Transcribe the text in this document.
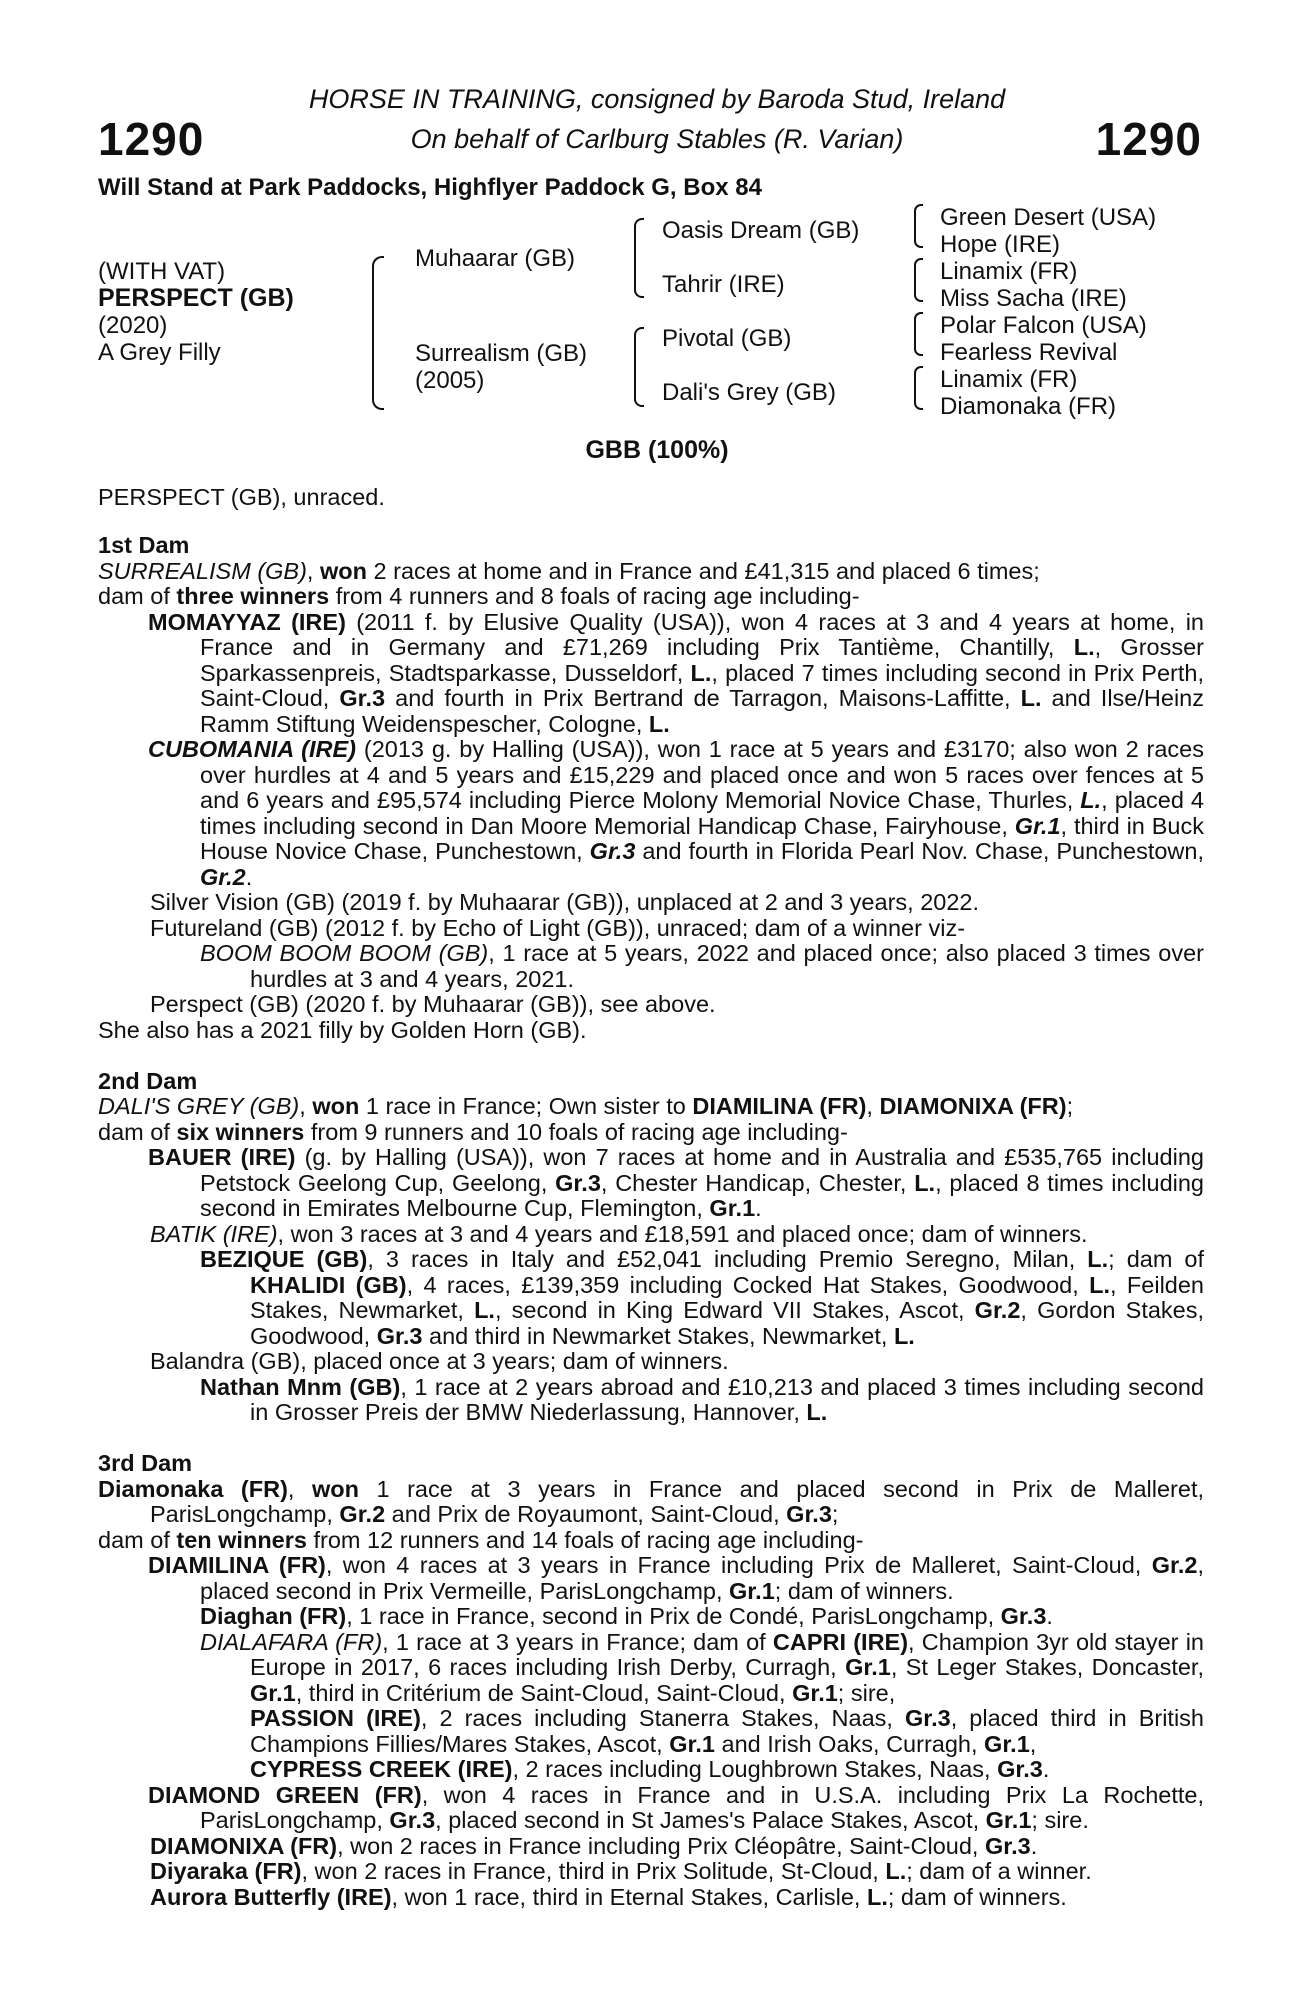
HORSE IN TRAINING, consigned by Baroda Stud, Ireland
On behalf of Carlburg Stables (R. Varian)
1290	1290
Will Stand at Park Paddocks, Highflyer Paddock G, Box 84
(WITH VAT)
PERSPECT (GB)
(2020)
A Grey Filly
Muhaarar (GB)
Surrealism (GB)
(2005)
Oasis Dream (GB)
Tahrir (IRE)
Pivotal (GB)
Dali's Grey (GB)
Green Desert (USA)
Hope (IRE)
Linamix (FR)
Miss Sacha (IRE)
Polar Falcon (USA)
Fearless Revival
Linamix (FR)
Diamonaka (FR)
GBB (100%)
PERSPECT (GB), unraced.
1st Dam
SURREALISM (GB), won 2 races at home and in France and £41,315 and placed 6 times;
dam of three winners from 4 runners and 8 foals of racing age including-
MOMAYYAZ (IRE) (2011 f. by Elusive Quality (USA)), won 4 races at 3 and 4 years at home, in France and in Germany and £71,269 including Prix Tantième, Chantilly, L., Grosser Sparkassenpreis, Stadtsparkasse, Dusseldorf, L., placed 7 times including second in Prix Perth, Saint-Cloud, Gr.3 and fourth in Prix Bertrand de Tarragon, Maisons-Laffitte, L. and Ilse/Heinz Ramm Stiftung Weidenspescher, Cologne, L.
CUBOMANIA (IRE) (2013 g. by Halling (USA)), won 1 race at 5 years and £3170; also won 2 races over hurdles at 4 and 5 years and £15,229 and placed once and won 5 races over fences at 5 and 6 years and £95,574 including Pierce Molony Memorial Novice Chase, Thurles, L., placed 4 times including second in Dan Moore Memorial Handicap Chase, Fairyhouse, Gr.1, third in Buck House Novice Chase, Punchestown, Gr.3 and fourth in Florida Pearl Nov. Chase, Punchestown, Gr.2.
Silver Vision (GB) (2019 f. by Muhaarar (GB)), unplaced at 2 and 3 years, 2022.
Futureland (GB) (2012 f. by Echo of Light (GB)), unraced; dam of a winner viz-
BOOM BOOM BOOM (GB), 1 race at 5 years, 2022 and placed once; also placed 3 times over hurdles at 3 and 4 years, 2021.
Perspect (GB) (2020 f. by Muhaarar (GB)), see above.
She also has a 2021 filly by Golden Horn (GB).
2nd Dam
DALI'S GREY (GB), won 1 race in France; Own sister to DIAMILINA (FR), DIAMONIXA (FR);
dam of six winners from 9 runners and 10 foals of racing age including-
BAUER (IRE) (g. by Halling (USA)), won 7 races at home and in Australia and £535,765 including Petstock Geelong Cup, Geelong, Gr.3, Chester Handicap, Chester, L., placed 8 times including second in Emirates Melbourne Cup, Flemington, Gr.1.
BATIK (IRE), won 3 races at 3 and 4 years and £18,591 and placed once; dam of winners.
BEZIQUE (GB), 3 races in Italy and £52,041 including Premio Seregno, Milan, L.; dam of KHALIDI (GB), 4 races, £139,359 including Cocked Hat Stakes, Goodwood, L., Feilden Stakes, Newmarket, L., second in King Edward VII Stakes, Ascot, Gr.2, Gordon Stakes, Goodwood, Gr.3 and third in Newmarket Stakes, Newmarket, L.
Balandra (GB), placed once at 3 years; dam of winners.
Nathan Mnm (GB), 1 race at 2 years abroad and £10,213 and placed 3 times including second in Grosser Preis der BMW Niederlassung, Hannover, L.
3rd Dam
Diamonaka (FR), won 1 race at 3 years in France and placed second in Prix de Malleret, ParisLongchamp, Gr.2 and Prix de Royaumont, Saint-Cloud, Gr.3;
dam of ten winners from 12 runners and 14 foals of racing age including-
DIAMILINA (FR), won 4 races at 3 years in France including Prix de Malleret, Saint-Cloud, Gr.2, placed second in Prix Vermeille, ParisLongchamp, Gr.1; dam of winners.
Diaghan (FR), 1 race in France, second in Prix de Condé, ParisLongchamp, Gr.3.
DIALAFARA (FR), 1 race at 3 years in France; dam of CAPRI (IRE), Champion 3yr old stayer in Europe in 2017, 6 races including Irish Derby, Curragh, Gr.1, St Leger Stakes, Doncaster, Gr.1, third in Critérium de Saint-Cloud, Saint-Cloud, Gr.1; sire,
PASSION (IRE), 2 races including Stanerra Stakes, Naas, Gr.3, placed third in British Champions Fillies/Mares Stakes, Ascot, Gr.1 and Irish Oaks, Curragh, Gr.1,
CYPRESS CREEK (IRE), 2 races including Loughbrown Stakes, Naas, Gr.3.
DIAMOND GREEN (FR), won 4 races in France and in U.S.A. including Prix La Rochette, ParisLongchamp, Gr.3, placed second in St James's Palace Stakes, Ascot, Gr.1; sire.
DIAMONIXA (FR), won 2 races in France including Prix Cléopâtre, Saint-Cloud, Gr.3.
Diyaraka (FR), won 2 races in France, third in Prix Solitude, St-Cloud, L.; dam of a winner.
Aurora Butterfly (IRE), won 1 race, third in Eternal Stakes, Carlisle, L.; dam of winners.
